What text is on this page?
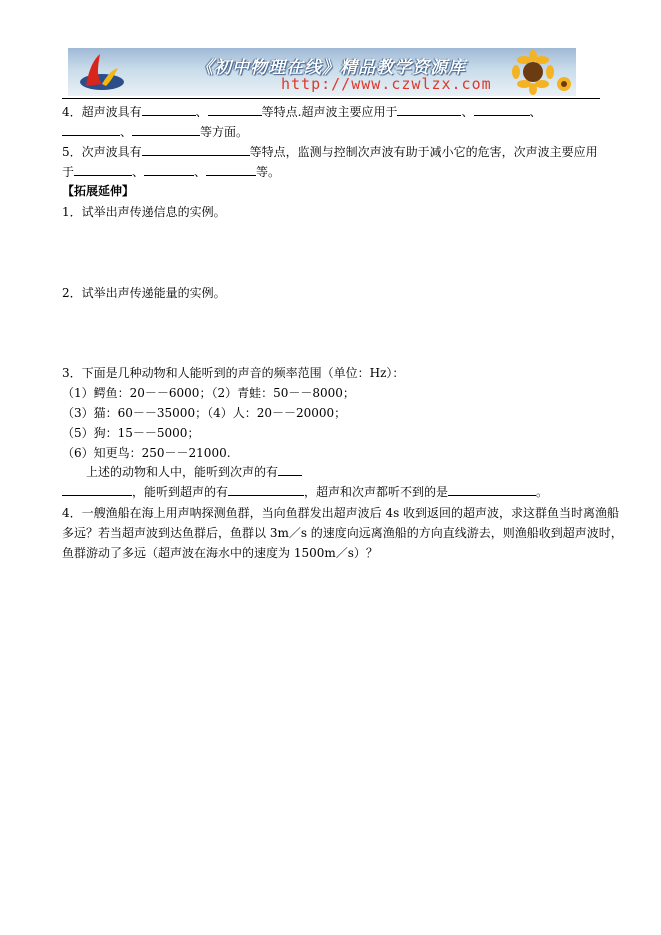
《初中物理在线》精品教学资源库
http://www.czwlzx.com
4．超声波具有	、	等特点.超声波主要应用于	、	、
、	等方面。
5．次声波具有	等特点，监测与控制次声波有助于减小它的危害，次声波主要应用
于	、	、	等。
【拓展延伸】
1．试举出声传递信息的实例。
2．试举出声传递能量的实例。
3．下面是几种动物和人能听到的声音的频率范围（单位：Hz）：
（1）鳄鱼：20－－6000；（2）青蛙：50－－8000；
（3）猫：60－－35000；（4）人：20－－20000；
（5）狗：15－－5000；
（6）知更鸟：250－－21000.
上述的动物和人中，能听到次声的有
，能听到超声的有	，超声和次声都听不到的是	。
4．一艘渔船在海上用声呐探测鱼群，当向鱼群发出超声波后 4s 收到返回的超声波，求这群鱼当时离渔船
多远？若当超声波到达鱼群后，鱼群以 3m／s 的速度向远离渔船的方向直线游去，则渔船收到超声波时，
鱼群游动了多远（超声波在海水中的速度为 1500m／s）？
